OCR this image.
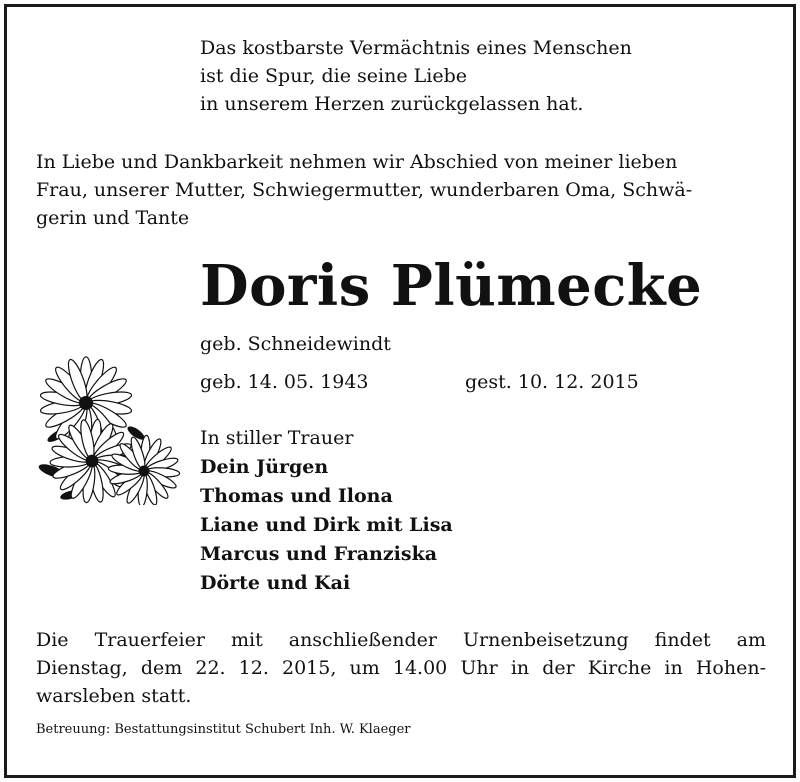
Das kostbarste Vermächtnis eines Menschen
ist die Spur, die seine Liebe
in unserem Herzen zurückgelassen hat.
In Liebe und Dankbarkeit nehmen wir Abschied von meiner lieben
Frau, unserer Mutter, Schwiegermutter, wunderbaren Oma, Schwä-
gerin und Tante
Doris Plümecke
geb. Schneidewindt
geb. 14. 05. 1943	gest. 10. 12. 2015
In stiller Trauer
Dein Jürgen
Thomas und Ilona
Liane und Dirk mit Lisa
Marcus und Franziska
Dörte und Kai
Die Trauerfeier mit anschließender Urnenbeisetzung findet am
Dienstag, dem 22. 12. 2015, um 14.00 Uhr in der Kirche in Hohen-
warsleben statt.
Betreuung: Bestattungsinstitut Schubert Inh. W. Klaeger
